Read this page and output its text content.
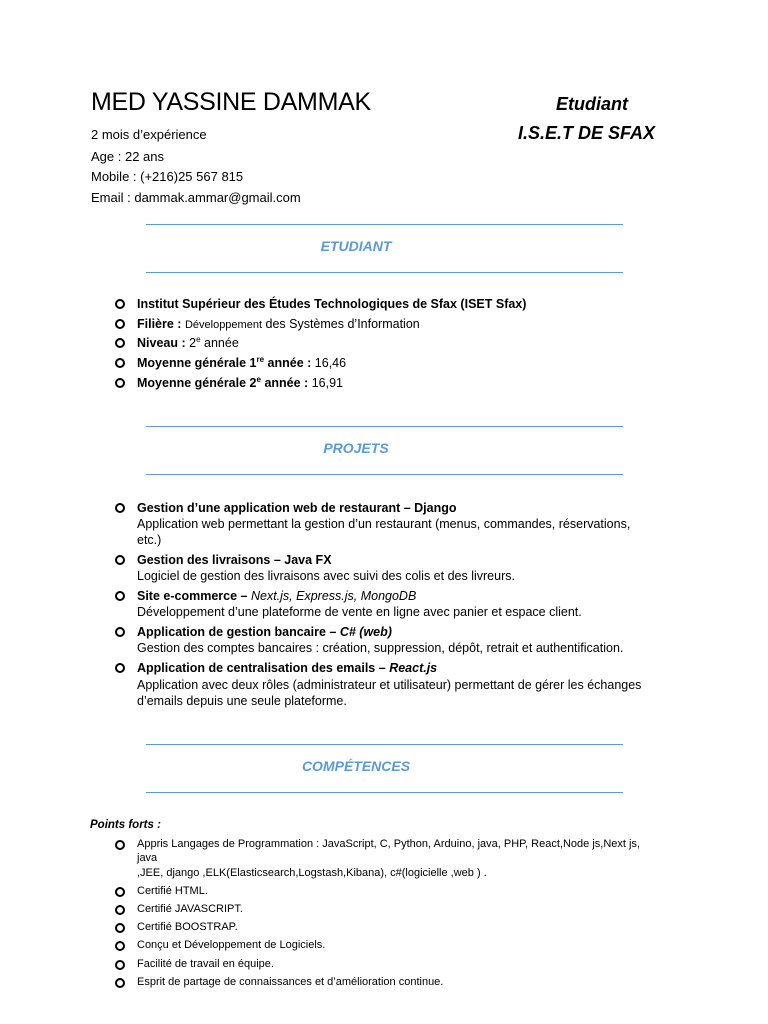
MED YASSINE DAMMAK
2 mois d’expérience
Age : 22 ans
Mobile : (+216)25 567 815
Email : dammak.ammar@gmail.com
Etudiant
I.S.E.T DE SFAX
ETUDIANT
Institut Supérieur des Études Technologiques de Sfax (ISET Sfax)
Filière : Développement des Systèmes d’Information
Niveau : 2e année
Moyenne générale 1re année : 16,46
Moyenne générale 2e année : 16,91
PROJETS
Gestion d’une application web de restaurant – Django
Application web permettant la gestion d’un restaurant (menus, commandes, réservations,
etc.)
Gestion des livraisons – Java FX
Logiciel de gestion des livraisons avec suivi des colis et des livreurs.
Site e-commerce – Next.js, Express.js, MongoDB
Développement d’une plateforme de vente en ligne avec panier et espace client.
Application de gestion bancaire – C# (web)
Gestion des comptes bancaires : création, suppression, dépôt, retrait et authentification.
Application de centralisation des emails – React.js
Application avec deux rôles (administrateur et utilisateur) permettant de gérer les échanges
d’emails depuis une seule plateforme.
COMPÉTENCES
Points forts :
Appris Langages de Programmation : JavaScript, C, Python, Arduino, java, PHP, React,Node js,Next js,
java
,JEE, django ,ELK(Elasticsearch,Logstash,Kibana), c#(logicielle ,web ) .
Certifié HTML.
Certifié JAVASCRIPT.
Certifié BOOSTRAP.
Conçu et Développement de Logiciels.
Facilité de travail en équipe.
Esprit de partage de connaissances et d’amélioration continue.
